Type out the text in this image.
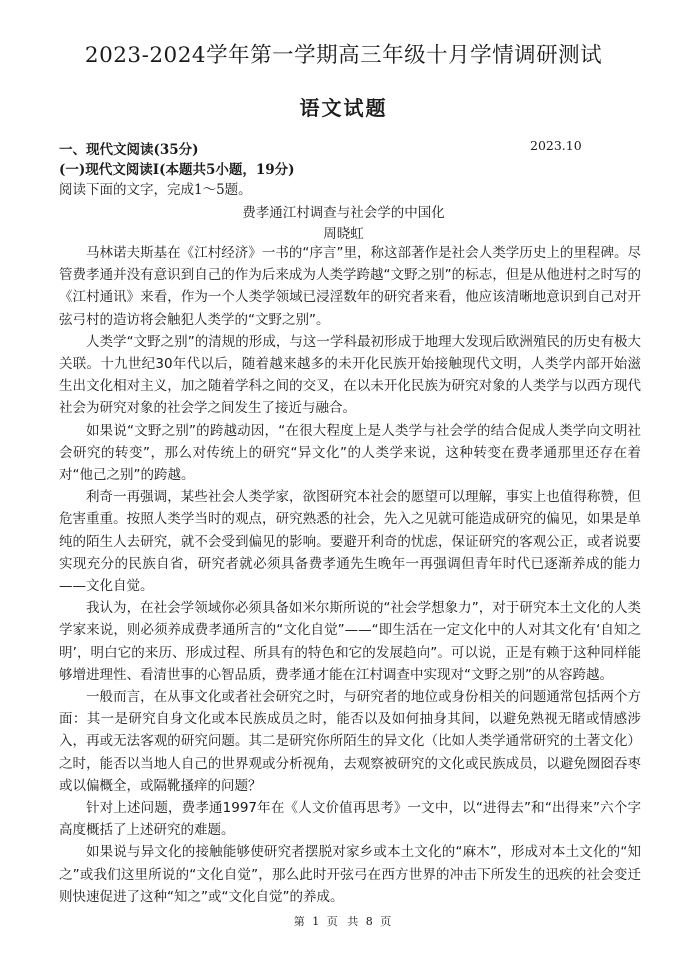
2023-2024学年第一学期高三年级十月学情调研测试
语文试题
一、现代文阅读(35分)	2023.10
(一)现代文阅读Ⅰ(本题共5小题，19分)
阅读下面的文字，完成1～5题。
费孝通江村调查与社会学的中国化
周晓虹

马林诺夫斯基在《江村经济》一书的“序言”里，称这部著作是社会人类学历史上的里程碑。尽管费孝通并没有意识到自己的作为后来成为人类学跨越“文野之别”的标志，但是从他进村之时写的《江村通讯》来看，作为一个人类学领域已浸淫数年的研究者来看，他应该清晰地意识到自己对开弦弓村的造访将会触犯人类学的“文野之别”。

人类学“文野之别”的清规的形成，与这一学科最初形成于地理大发现后欧洲殖民的历史有极大关联。十九世纪30年代以后，随着越来越多的未开化民族开始接触现代文明，人类学内部开始滋生出文化相对主义，加之随着学科之间的交叉，在以未开化民族为研究对象的人类学与以西方现代社会为研究对象的社会学之间发生了接近与融合。

如果说“文野之别”的跨越动因，“在很大程度上是人类学与社会学的结合促成人类学向文明社会研究的转变”，那么对传统上的研究“异文化”的人类学来说，这种转变在费孝通那里还存在着对“他己之别”的跨越。

利奇一再强调，某些社会人类学家，欲图研究本社会的愿望可以理解，事实上也值得称赞，但危害重重。按照人类学当时的观点，研究熟悉的社会，先入之见就可能造成研究的偏见，如果是单纯的陌生人去研究，就不会受到偏见的影响。要避开利奇的忧虑，保证研究的客观公正，或者说要实现充分的民族自省，研究者就必须具备费孝通先生晚年一再强调但青年时代已逐渐养成的能力——文化自觉。

我认为，在社会学领域你必须具备如米尔斯所说的“社会学想象力”，对于研究本土文化的人类学家来说，则必须养成费孝通所言的“文化自觉”——“即生活在一定文化中的人对其文化有‘自知之明’，明白它的来历、形成过程、所具有的特色和它的发展趋向”。可以说，正是有赖于这种同样能够增进理性、看清世事的心智品质，费孝通才能在江村调查中实现对“文野之别”的从容跨越。

一般而言，在从事文化或者社会研究之时，与研究者的地位或身份相关的问题通常包括两个方面：其一是研究自身文化或本民族成员之时，能否以及如何抽身其间，以避免熟视无睹或情感涉入，再或无法客观的研究问题。其二是研究你所陌生的异文化（比如人类学通常研究的土著文化）之时，能否以当地人自己的世界观或分析视角，去观察被研究的文化或民族成员，以避免囫囵吞枣或以偏概全，或隔靴搔痒的问题？

针对上述问题，费孝通1997年在《人文价值再思考》一文中，以“进得去”和“出得来”六个字高度概括了上述研究的难题。

如果说与异文化的接触能够使研究者摆脱对家乡或本土文化的“麻木”，形成对本土文化的“知之”或我们这里所说的“文化自觉”，那么此时开弦弓在西方世界的冲击下所发生的迅疾的社会变迁则快速促进了这种“知之”或“文化自觉”的养成。

第 1 页 共 8 页
